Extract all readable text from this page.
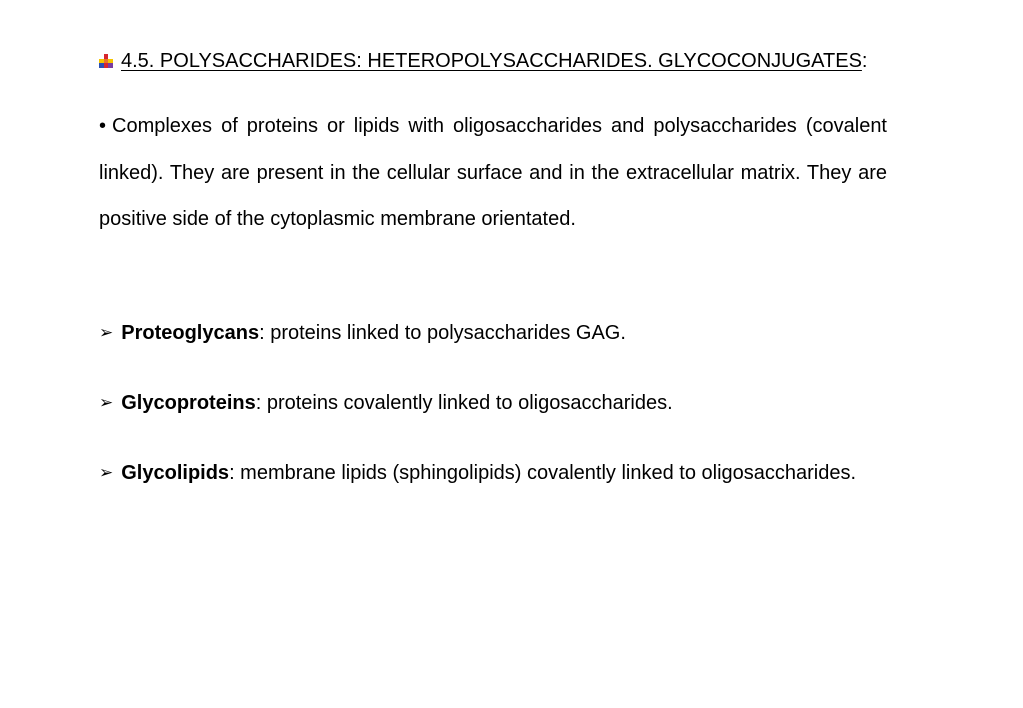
4.5. POLYSACCHARIDES: HETEROPOLYSACCHARIDES. GLYCOCONJUGATES:
• Complexes of proteins or lipids with oligosaccharides and polysaccharides (covalent linked). They are present in the cellular surface and in the extracellular matrix. They are positive side of the cytoplasmic membrane orientated.
➢ Proteoglycans: proteins linked to polysaccharides GAG.
➢ Glycoproteins: proteins covalently linked to oligosaccharides.
➢ Glycolipids: membrane lipids (sphingolipids) covalently linked to oligosaccharides.
